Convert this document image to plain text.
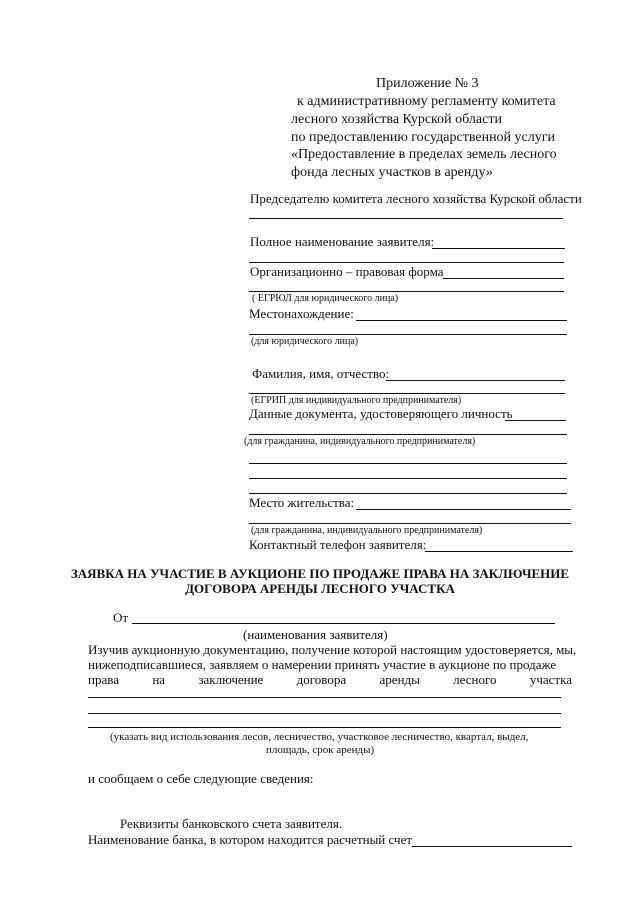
Приложение № 3
к административному регламенту комитета
лесного хозяйства Курской области
по предоставлению государственной услуги
«Предоставление в пределах земель лесного
фонда лесных участков в аренду»
Председателю комитета лесного хозяйства Курской области
Полное наименование заявителя:
Организационно – правовая форма
( ЕГРЮЛ для юридического лица)
Местонахождение:
(для юридического лица)
Фамилия, имя, отчество:
(ЕГРИП для индивидуального предпринимателя)
Данные документа, удостоверяющего личность
(для гражданина, индивидуального предпринимателя)
Место жительства:
(для гражданина, индивидуального предпринимателя)
Контактный телефон заявителя:
ЗАЯВКА НА УЧАСТИЕ В АУКЦИОНЕ ПО ПРОДАЖЕ ПРАВА НА ЗАКЛЮЧЕНИЕ
ДОГОВОРА АРЕНДЫ ЛЕСНОГО УЧАСТКА
От
(наименования заявителя)
Изучив аукционную документацию, получение которой настоящим удостоверяется, мы,
нижеподписавшиеся, заявляем о намерении принять участие в аукционе по продаже
права	на	заключение	договора	аренды	лесного	участка
(указать вид использования лесов, лесничество, участковое лесничество, квартал, выдел,
площадь, срок аренды)
и сообщаем о себе следующие сведения:
Реквизиты банковского счета заявителя.
Наименование банка, в котором находится расчетный счет
